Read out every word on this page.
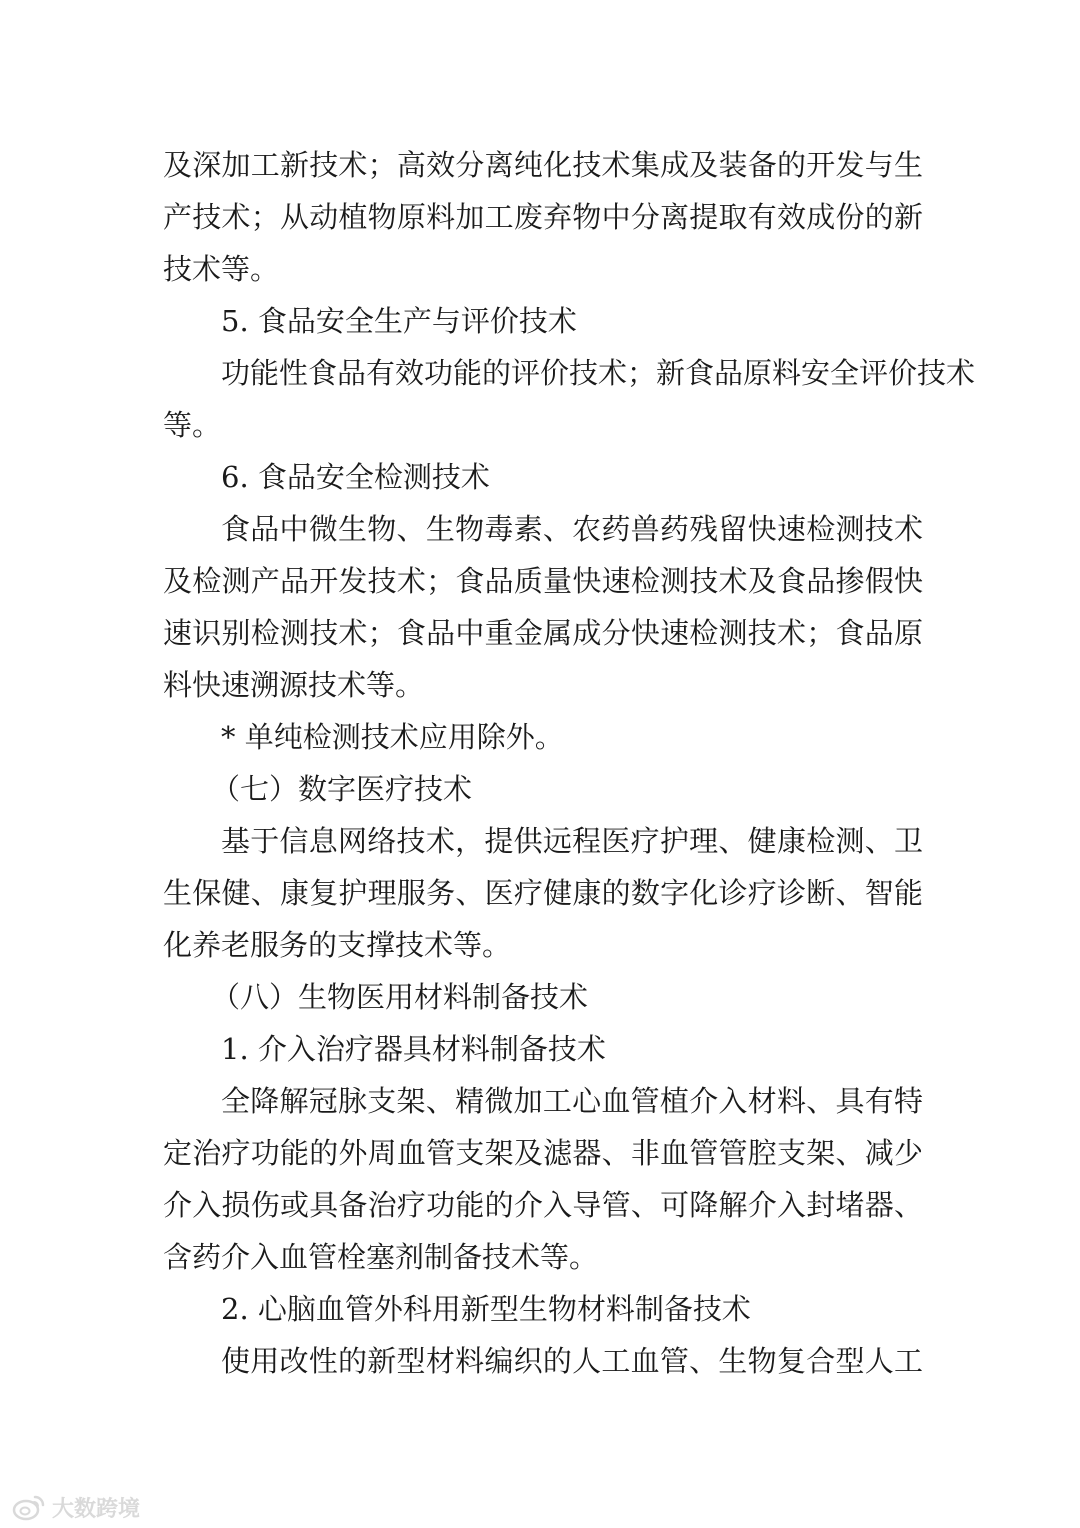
及深加工新技术；高效分离纯化技术集成及装备的开发与生
产技术；从动植物原料加工废弃物中分离提取有效成份的新
技术等。
5. 食品安全生产与评价技术
功能性食品有效功能的评价技术；新食品原料安全评价技术
等。
6. 食品安全检测技术
食品中微生物、生物毒素、农药兽药残留快速检测技术
及检测产品开发技术；食品质量快速检测技术及食品掺假快
速识别检测技术；食品中重金属成分快速检测技术；食品原
料快速溯源技术等。
* 单纯检测技术应用除外。
（七）数字医疗技术
基于信息网络技术，提供远程医疗护理、健康检测、卫
生保健、康复护理服务、医疗健康的数字化诊疗诊断、智能
化养老服务的支撑技术等。
（八）生物医用材料制备技术
1. 介入治疗器具材料制备技术
全降解冠脉支架、精微加工心血管植介入材料、具有特
定治疗功能的外周血管支架及滤器、非血管管腔支架、减少
介入损伤或具备治疗功能的介入导管、可降解介入封堵器、
含药介入血管栓塞剂制备技术等。
2. 心脑血管外科用新型生物材料制备技术
使用改性的新型材料编织的人工血管、生物复合型人工
大数跨境
